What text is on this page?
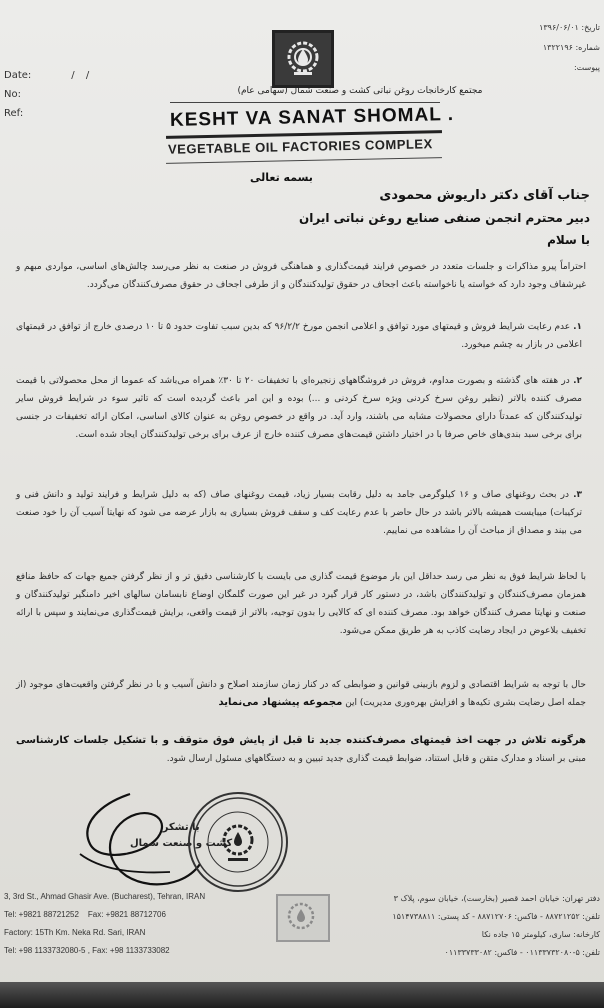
Date:	/ /
No:
Ref:
تاریخ: ۱۳۹۶/۰۶/۰۱
شماره: ۱۳۲۲۱۹۶
پیوست:
مجتمع کارخانجات روغن نباتی کشت و صنعت شمال (سهامی عام)
KESHT VA SANAT SHOMAL .
VEGETABLE OIL FACTORIES COMPLEX
بسمه تعالی
جناب آقای دکتر داریوش محمودی
دبیر محترم انجمن صنفی صنایع روغن نباتی ایران
با سلام
احتراماً پیرو مذاکرات و جلسات متعدد در خصوص فرایند قیمت‌گذاری و هماهنگی فروش در صنعت به نظر می‌رسد چالش‌های اساسی، مواردی مبهم و غیرشفاف وجود دارد که خواسته یا ناخواسته باعث اجحاف در حقوق تولیدکنندگان و از طرفی اجحاف در حقوق مصرف‌کنندگان می‌گردد.
۱. عدم رعایت شرایط فروش و قیمتهای مورد توافق و اعلامی انجمن مورخ ۹۶/۲/۲ که بدین سبب تفاوت حدود ۵ تا ۱۰ درصدی خارج از توافق در قیمتهای اعلامی در بازار به چشم میخورد.
۲. در هفته های گذشته و بصورت مداوم، فروش در فروشگاههای زنجیره‌ای با تخفیفات ۲۰ تا ۳۰٪ همراه می‌باشد که عموما از محل محصولاتی با قیمت مصرف کننده بالاتر (نظیر روغن سرخ کردنی ویژه سرخ کردنی و ...) بوده و این امر باعث گردیده است که تاثیر سوء در شرایط فروش سایر تولیدکنندگان که عمدتاً دارای محصولات مشابه می باشند، وارد آید. در واقع در خصوص روغن به عنوان کالای اساسی، امکان ارائه تخفیفات در جنسی برای برخی سبد بندی‌های خاص صرفا با در اختیار داشتن قیمت‌های مصرف کننده خارج از عرف برای برخی تولیدکنندگان ایجاد شده است.
۳. در بحث روغنهای صاف و ۱۶ کیلوگرمی جامد به دلیل رقابت بسیار زیاد، قیمت روغنهای صاف (که به دلیل شرایط و فرایند تولید و دانش فنی و ترکیبات) میبایست همیشه بالاتر باشد در حال حاضر با عدم رعایت کف و سقف فروش بسیاری به بازار عرضه می شود که نهایتا آسیب آن را خود صنعت می بیند و مصداق از مباحث آن را مشاهده می نماییم.
با لحاظ شرایط فوق به نظر می رسد حداقل این بار موضوع قیمت گذاری می بایست با کارشناسی دقیق تر و از نظر گرفتن جمیع جهات که حافظ منافع همزمان مصرف‌کنندگان و تولیدکنندگان باشد، در دستور کار قرار گیرد در غیر این صورت گلمگان اوضاع نابسامان سالهای اخیر دامنگیر تولیدکنندگان و صنعت و نهایتا مصرف کنندگان خواهد بود. مصرف کننده ای که کالایی را بدون توجیه، بالاتر از قیمت واقعی، برایش قیمت‌گذاری می‌نمایند و سپس با ارائه تخفیف بلاعوض در ایجاد رضایت کاذب به هر طریق ممکن می‌شود.
حال با توجه به شرایط اقتصادی و لزوم بازبینی قوانین و ضوابطی که در کنار زمان سازمند اصلاح و دانش آسیب و با در نظر گرفتن واقعیت‌های موجود (از جمله اصل رضایت بشری تکیه‌ها و افزایش بهره‌وری مدیریت) این مجموعه پیشنهاد می‌نماید
هرگونه تلاش در جهت اخذ قیمتهای مصرف‌کننده جدید تا قبل از پایش فوق متوقف و با تشکیل جلسات کارشناسی مبنی بر اسناد و مدارک متقن و قابل استناد، ضوابط قیمت گذاری جدید تبیین و به دستگاههای مسئول ارسال شود.
با تشکر
کشت و صنعت شمال
3, 3rd St., Ahmad Ghasir Ave. (Bucharest), Tehran, IRAN
Tel: +9821 88721252 Fax: +9821 88712706
Factory: 15Th Km. Neka Rd. Sari, IRAN
Tel: +98 1133732080-5 , Fax: +98 1133733082
دفتر تهران: خیابان احمد قصیر (بخارست)، خیابان سوم، پلاک ۳
تلفن: ۸۸۷۲۱۲۵۲ - فاکس: ۸۸۷۱۲۷۰۶ - کد پستی: ۱۵۱۴۷۳۸۸۱۱
کارخانه: ساری، کیلومتر ۱۵ جاده نکا
تلفن: ۵-۰۱۱۳۳۷۳۲۰۸۰ - فاکس: ۰۱۱۳۳۷۳۳۰۸۲
